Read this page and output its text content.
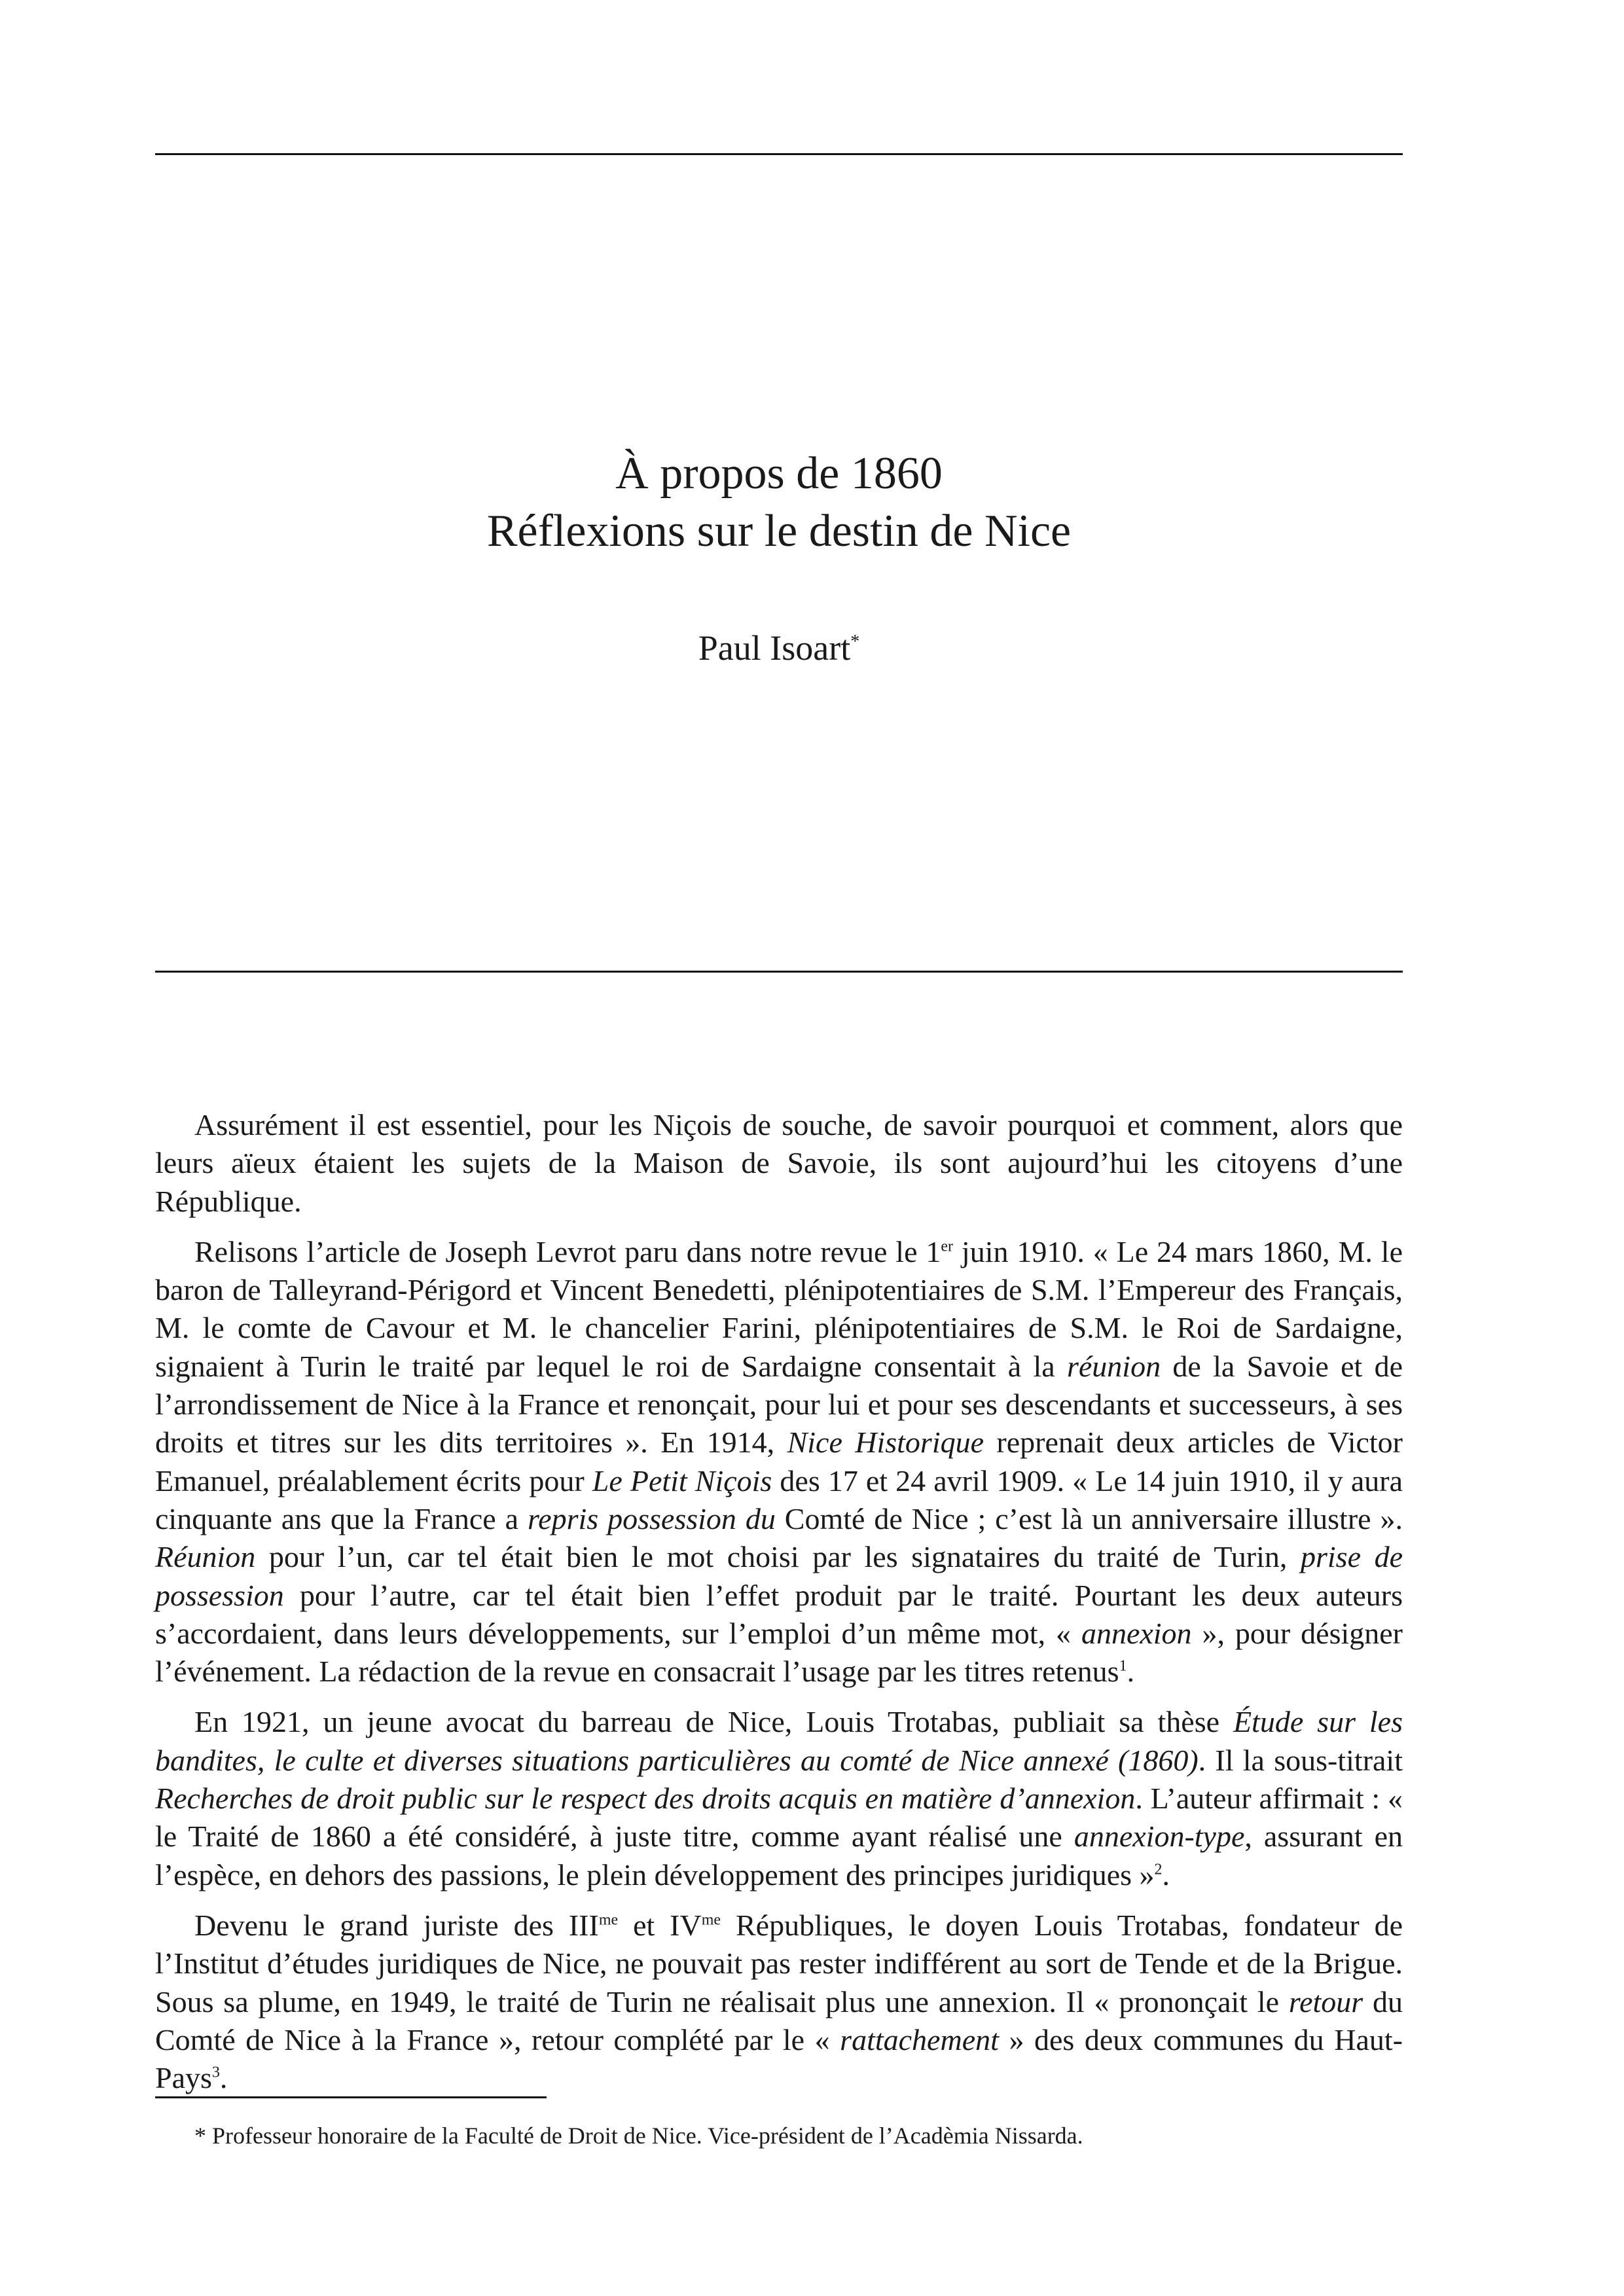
À propos de 1860
Réflexions sur le destin de Nice
Paul Isoart*

Assurément il est essentiel, pour les Niçois de souche, de savoir pourquoi et comment, alors que leurs aïeux étaient les sujets de la Maison de Savoie, ils sont aujourd’hui les citoyens d’une République.

Relisons l’article de Joseph Levrot paru dans notre revue le 1er juin 1910. « Le 24 mars 1860, M. le baron de Talleyrand-Périgord et Vincent Benedetti, plénipotentiaires de S.M. l’Empereur des Français, M. le comte de Cavour et M. le chancelier Farini, plénipotentiaires de S.M. le Roi de Sardaigne, signaient à Turin le traité par lequel le roi de Sardaigne consentait à la réunion de la Savoie et de l’arrondissement de Nice à la France et renonçait, pour lui et pour ses descendants et successeurs, à ses droits et titres sur les dits territoires ». En 1914, Nice Historique reprenait deux articles de Victor Emanuel, préalablement écrits pour Le Petit Niçois des 17 et 24 avril 1909. « Le 14 juin 1910, il y aura cinquante ans que la France a repris possession du Comté de Nice ; c’est là un anniversaire illustre ». Réunion pour l’un, car tel était bien le mot choisi par les signataires du traité de Turin, prise de possession pour l’autre, car tel était bien l’effet produit par le traité. Pourtant les deux auteurs s’accordaient, dans leurs développements, sur l’emploi d’un même mot, « annexion », pour désigner l’événement. La rédaction de la revue en consacrait l’usage par les titres retenus$^1$.

En 1921, un jeune avocat du barreau de Nice, Louis Trotabas, publiait sa thèse Étude sur les bandites, le culte et diverses situations particulières au comté de Nice annexé (1860). Il la sous-titrait Recherches de droit public sur le respect des droits acquis en matière d’annexion. L’auteur affirmait : « le Traité de 1860 a été considéré, à juste titre, comme ayant réalisé une annexion-type, assurant en l’espèce, en dehors des passions, le plein développement des principes juridiques »$^2$.

Devenu le grand juriste des $III^{me}$ et $IV^{me}$ Républiques, le doyen Louis Trotabas, fondateur de l’Institut d’études juridiques de Nice, ne pouvait pas rester indifférent au sort de Tende et de la Brigue. Sous sa plume, en 1949, le traité de Turin ne réalisait plus une annexion. Il « prononçait le retour du Comté de Nice à la France », retour complété par le « rattachement » des deux communes du Haut-Pays$^3$.

* Professeur honoraire de la Faculté de Droit de Nice. Vice-président de l’Acadèmia Nissarda.
